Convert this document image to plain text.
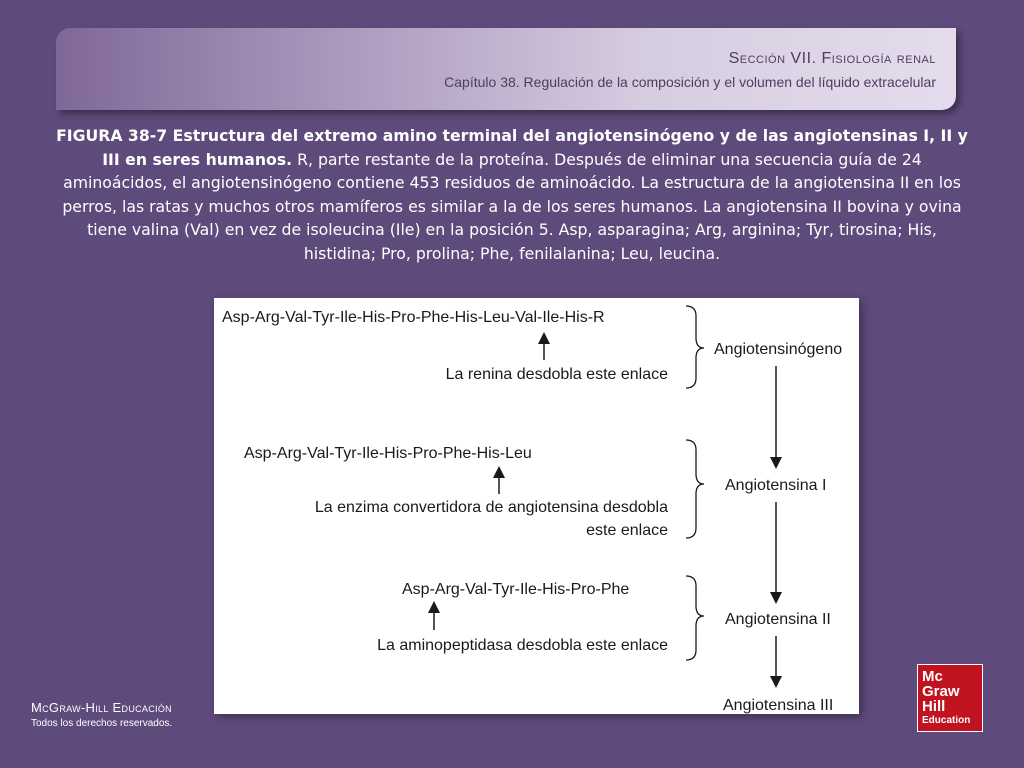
Sección VII. Fisiología renal
Capítulo 38. Regulación de la composición y el volumen del líquido extracelular
FIGURA 38-7 Estructura del extremo amino terminal del angiotensinógeno y de las angiotensinas I, II y III en seres humanos. R, parte restante de la proteína. Después de eliminar una secuencia guía de 24 aminoácidos, el angiotensinógeno contiene 453 residuos de aminoácido. La estructura de la angiotensina II en los perros, las ratas y muchos otros mamíferos es similar a la de los seres humanos. La angiotensina II bovina y ovina tiene valina (Val) en vez de isoleucina (Ile) en la posición 5. Asp, asparagina; Arg, arginina; Tyr, tirosina; His, histidina; Pro, prolina; Phe, fenilalanina; Leu, leucina.
Asp-Arg-Val-Tyr-Ile-His-Pro-Phe-His-Leu-Val-Ile-His-R
La renina desdobla este enlace
Angiotensinógeno
Asp-Arg-Val-Tyr-Ile-His-Pro-Phe-His-Leu
La enzima convertidora de angiotensina desdobla
este enlace
Angiotensina I
Asp-Arg-Val-Tyr-Ile-His-Pro-Phe
La aminopeptidasa desdobla este enlace
Angiotensina II
Angiotensina III
McGraw-Hill Educación
Todos los derechos reservados.
Mc
Graw
Hill
Education
